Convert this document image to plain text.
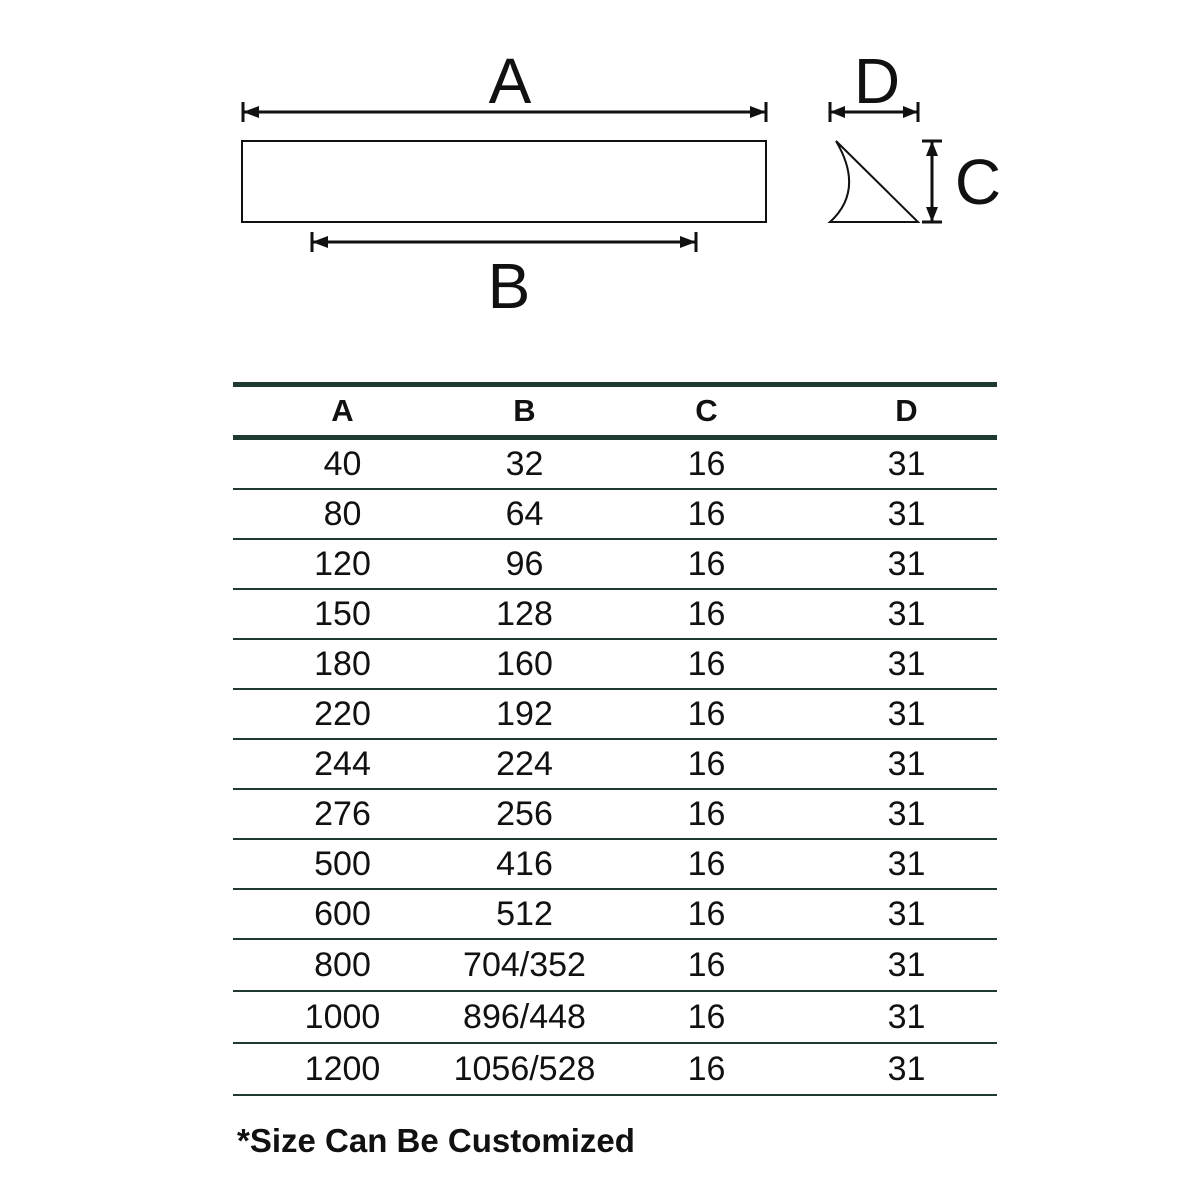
A
B
D
C
A	B	C	D
40	32	16	31
80	64	16	31
120	96	16	31
150	128	16	31
180	160	16	31
220	192	16	31
244	224	16	31
276	256	16	31
500	416	16	31
600	512	16	31
800	704/352	16	31
1000	896/448	16	31
1200	1056/528	16	31
*Size Can Be Customized
